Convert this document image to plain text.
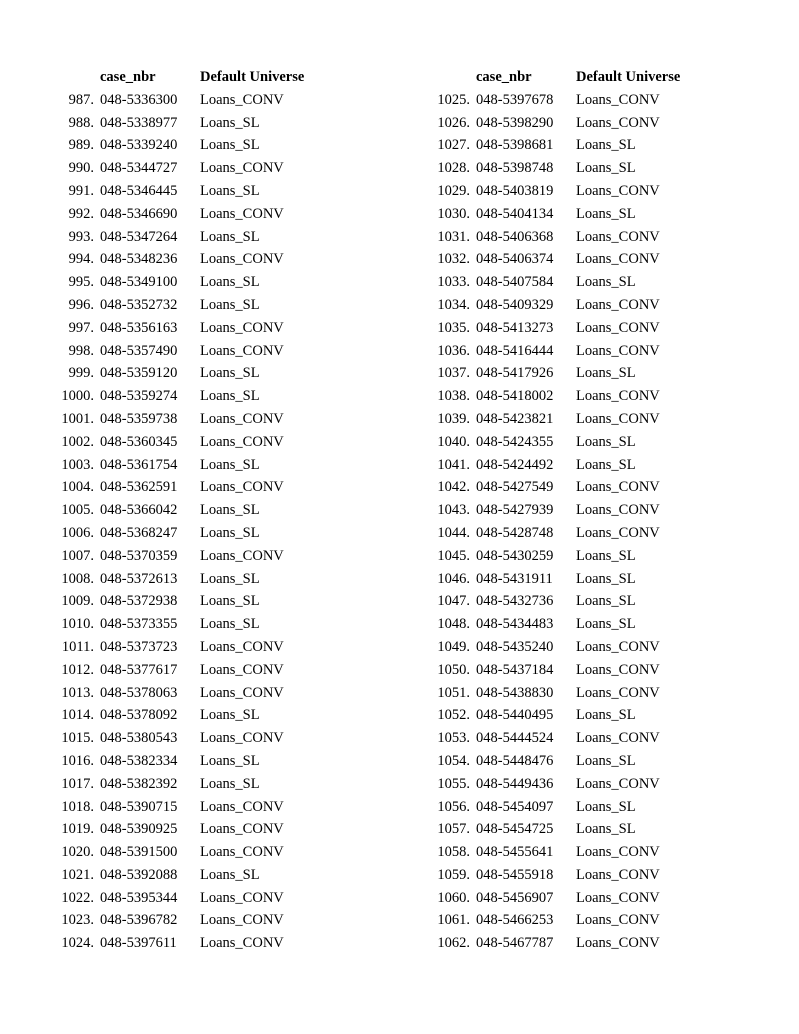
case_nbr	Default Universe
987. 048-5336300 Loans_CONV
988. 048-5338977 Loans_SL
989. 048-5339240 Loans_SL
990. 048-5344727 Loans_CONV
991. 048-5346445 Loans_SL
992. 048-5346690 Loans_CONV
993. 048-5347264 Loans_SL
994. 048-5348236 Loans_CONV
995. 048-5349100 Loans_SL
996. 048-5352732 Loans_SL
997. 048-5356163 Loans_CONV
998. 048-5357490 Loans_CONV
999. 048-5359120 Loans_SL
1000. 048-5359274 Loans_SL
1001. 048-5359738 Loans_CONV
1002. 048-5360345 Loans_CONV
1003. 048-5361754 Loans_SL
1004. 048-5362591 Loans_CONV
1005. 048-5366042 Loans_SL
1006. 048-5368247 Loans_SL
1007. 048-5370359 Loans_CONV
1008. 048-5372613 Loans_SL
1009. 048-5372938 Loans_SL
1010. 048-5373355 Loans_SL
1011. 048-5373723 Loans_CONV
1012. 048-5377617 Loans_CONV
1013. 048-5378063 Loans_CONV
1014. 048-5378092 Loans_SL
1015. 048-5380543 Loans_CONV
1016. 048-5382334 Loans_SL
1017. 048-5382392 Loans_SL
1018. 048-5390715 Loans_CONV
1019. 048-5390925 Loans_CONV
1020. 048-5391500 Loans_CONV
1021. 048-5392088 Loans_SL
1022. 048-5395344 Loans_CONV
1023. 048-5396782 Loans_CONV
1024. 048-5397611 Loans_CONV
case_nbr	Default Universe
1025. 048-5397678 Loans_CONV
1026. 048-5398290 Loans_CONV
1027. 048-5398681 Loans_SL
1028. 048-5398748 Loans_SL
1029. 048-5403819 Loans_CONV
1030. 048-5404134 Loans_SL
1031. 048-5406368 Loans_CONV
1032. 048-5406374 Loans_CONV
1033. 048-5407584 Loans_SL
1034. 048-5409329 Loans_CONV
1035. 048-5413273 Loans_CONV
1036. 048-5416444 Loans_CONV
1037. 048-5417926 Loans_SL
1038. 048-5418002 Loans_CONV
1039. 048-5423821 Loans_CONV
1040. 048-5424355 Loans_SL
1041. 048-5424492 Loans_SL
1042. 048-5427549 Loans_CONV
1043. 048-5427939 Loans_CONV
1044. 048-5428748 Loans_CONV
1045. 048-5430259 Loans_SL
1046. 048-5431911 Loans_SL
1047. 048-5432736 Loans_SL
1048. 048-5434483 Loans_SL
1049. 048-5435240 Loans_CONV
1050. 048-5437184 Loans_CONV
1051. 048-5438830 Loans_CONV
1052. 048-5440495 Loans_SL
1053. 048-5444524 Loans_CONV
1054. 048-5448476 Loans_SL
1055. 048-5449436 Loans_CONV
1056. 048-5454097 Loans_SL
1057. 048-5454725 Loans_SL
1058. 048-5455641 Loans_CONV
1059. 048-5455918 Loans_CONV
1060. 048-5456907 Loans_CONV
1061. 048-5466253 Loans_CONV
1062. 048-5467787 Loans_CONV
